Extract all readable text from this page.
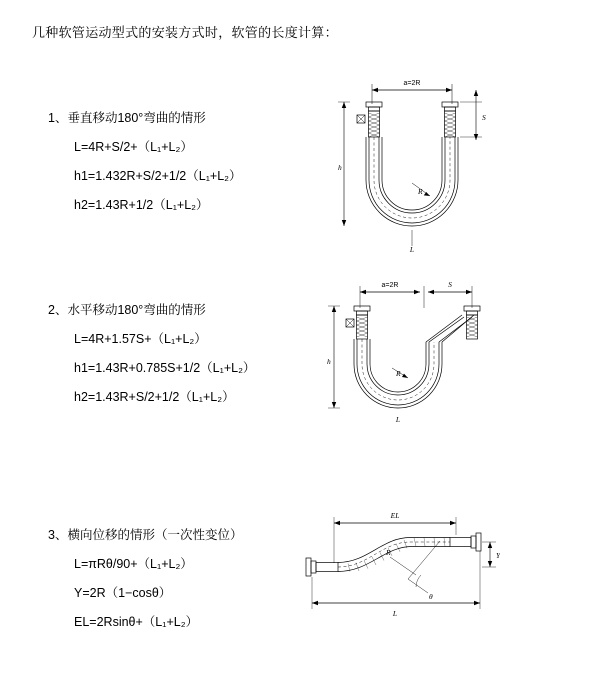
几种软管运动型式的安装方式时，软管的长度计算：
1、垂直移动180°弯曲的情形
L=4R+S/2+（L₁+L₂）
h1=1.432R+S/2+1/2（L₁+L₂）
h2=1.43R+1/2（L₁+L₂）
a=2R
R
L
h
S
2、水平移动180°弯曲的情形
L=4R+1.57S+（L₁+L₂）
h1=1.43R+0.785S+1/2（L₁+L₂）
h2=1.43R+S/2+1/2（L₁+L₂）
a=2R	S
R
L
h
3、横向位移的情形（一次性变位）
L=πRθ/90+（L₁+L₂）
Y=2R（1−cosθ）
EL=2Rsinθ+（L₁+L₂）
EL
L
Y
θ
R
